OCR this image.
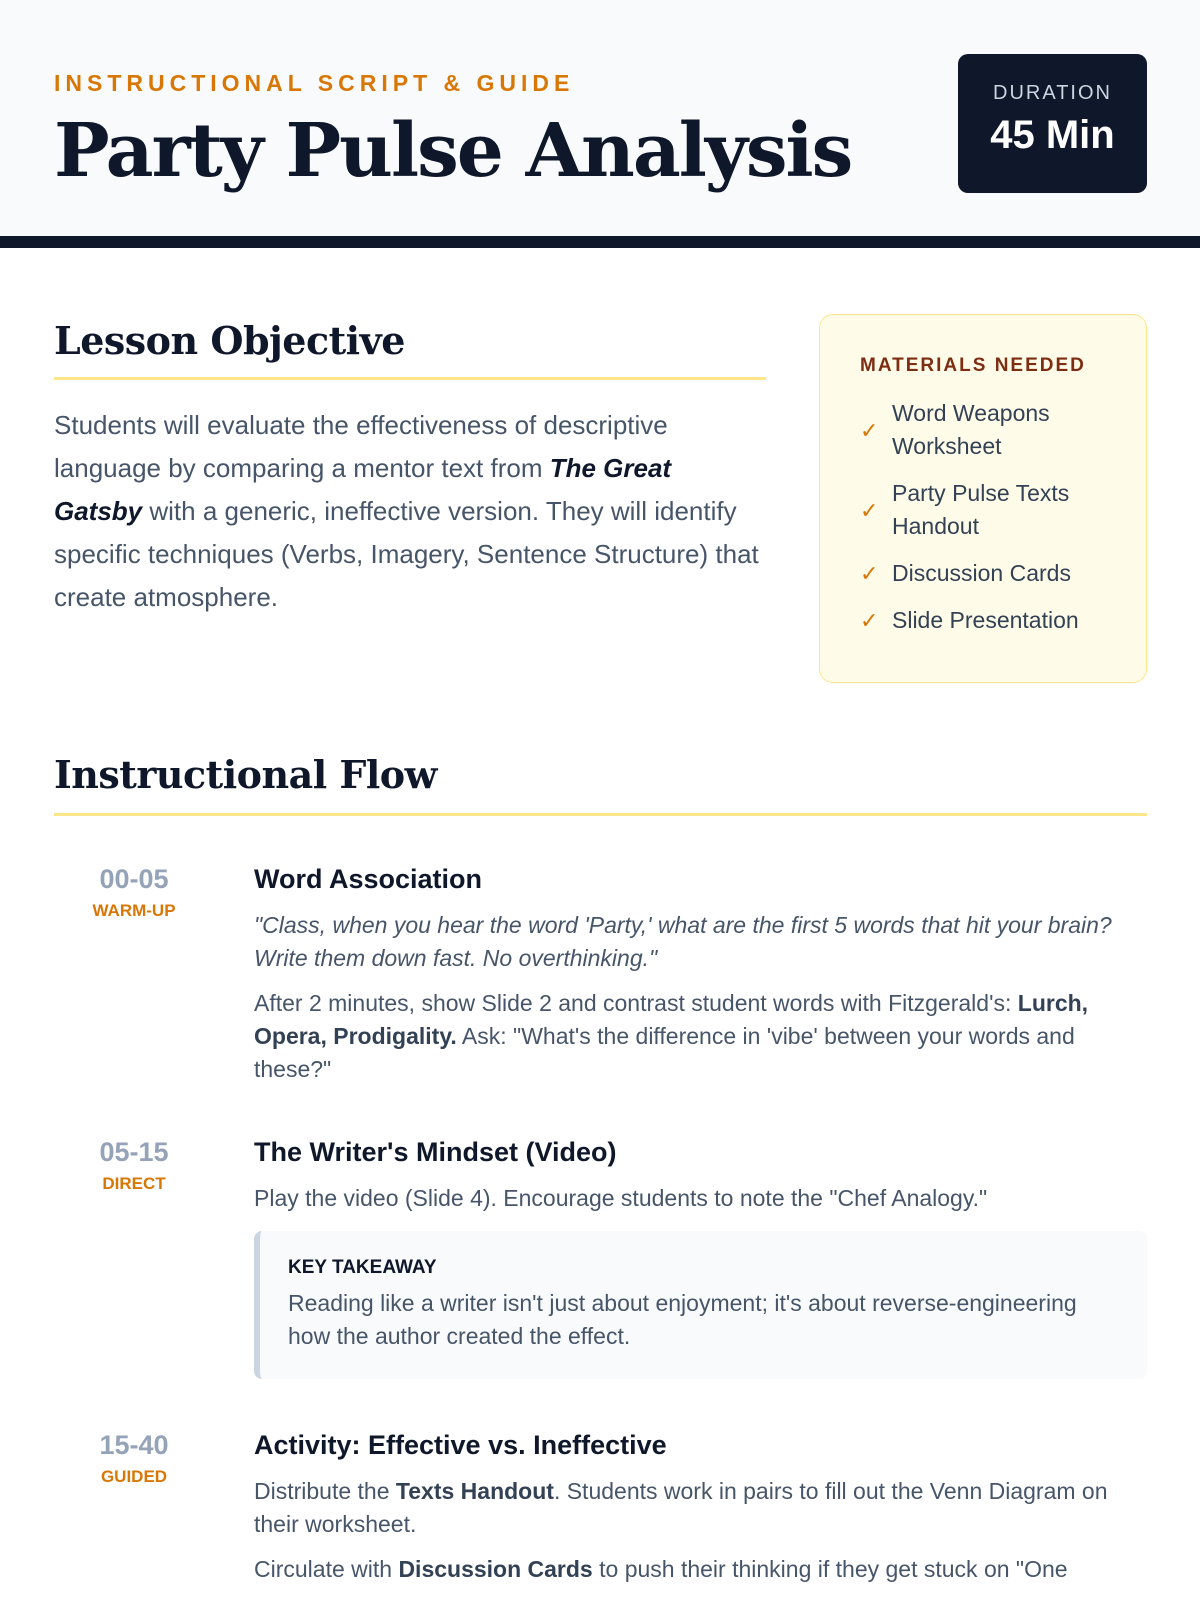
INSTRUCTIONAL SCRIPT & GUIDE
Party Pulse Analysis
DURATION
45 Min
Lesson Objective

Students will evaluate the effectiveness of descriptive language by comparing a mentor text from The Great Gatsby with a generic, ineffective version. They will identify specific techniques (Verbs, Imagery, Sentence Structure) that create atmosphere.

MATERIALS NEEDED
✓
Word Weapons Worksheet
✓
Party Pulse Texts Handout
✓ Discussion Cards
✓ Slide Presentation
Instructional Flow
00-05
WARM-UP
Word Association
"Class, when you hear the word 'Party,' what are the first 5 words that hit your brain? Write them down fast. No overthinking."
After 2 minutes, show Slide 2 and contrast student words with Fitzgerald's: Lurch, Opera, Prodigality. Ask: "What's the difference in 'vibe' between your words and these?"
05-15
DIRECT
The Writer's Mindset (Video)
Play the video (Slide 4). Encourage students to note the "Chef Analogy."
KEY TAKEAWAY
Reading like a writer isn't just about enjoyment; it's about reverse-engineering how the author created the effect.
15-40
GUIDED
Activity: Effective vs. Ineffective
Distribute the Texts Handout. Students work in pairs to fill out the Venn Diagram on their worksheet.
Circulate with Discussion Cards to push their thinking if they get stuck on "One
